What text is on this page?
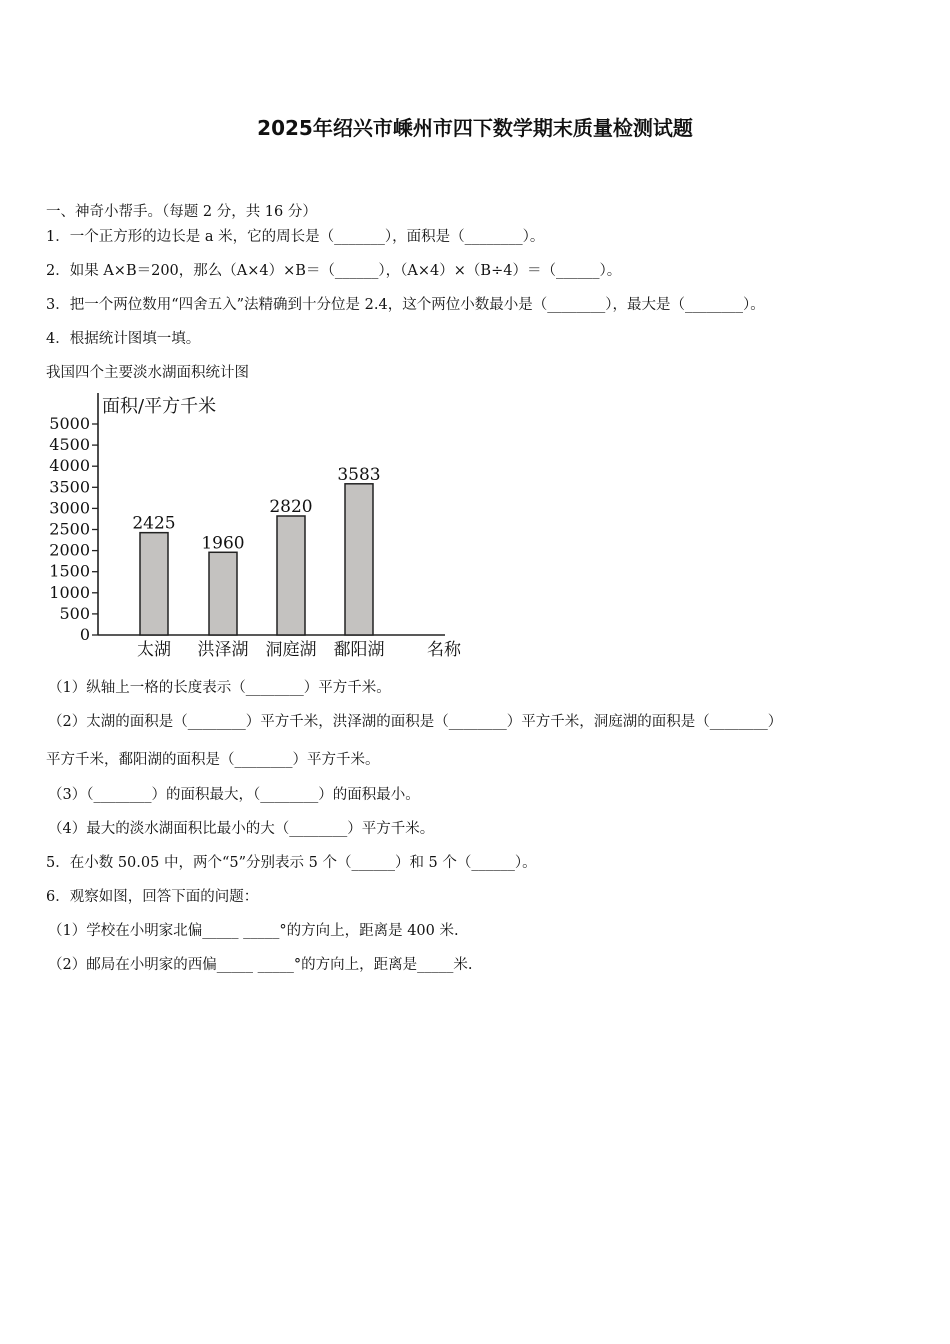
2025年绍兴市嵊州市四下数学期末质量检测试题
一、神奇小帮手。（每题 2 分，共 16 分）
1．一个正方形的边长是 a 米，它的周长是（_______），面积是（________）。
2．如果 A×B＝200，那么（A×4）×B＝（______），（A×4）×（B÷4）＝（______）。
3．把一个两位数用“四舍五入”法精确到十分位是 2.4，这个两位小数最小是（________），最大是（________）。
4．根据统计图填一填。
我国四个主要淡水湖面积统计图
0
500
1000
1500
2000
2500
3000
3500
4000
4500
5000
面积/平方千米
名称
2425
太湖
1960
洪泽湖
2820
洞庭湖
3583
鄱阳湖
（1）纵轴上一格的长度表示（________）平方千米。
（2）太湖的面积是（________）平方千米，洪泽湖的面积是（________）平方千米，洞庭湖的面积是（________）
平方千米，鄱阳湖的面积是（________）平方千米。
（3）（________）的面积最大，（________）的面积最小。
（4）最大的淡水湖面积比最小的大（________）平方千米。
5．在小数 50.05 中，两个“5”分别表示 5 个（______）和 5 个（______）。
6．观察如图，回答下面的问题：
（1）学校在小明家北偏_____ _____°的方向上，距离是 400 米.
（2）邮局在小明家的西偏_____ _____°的方向上，距离是_____米.
